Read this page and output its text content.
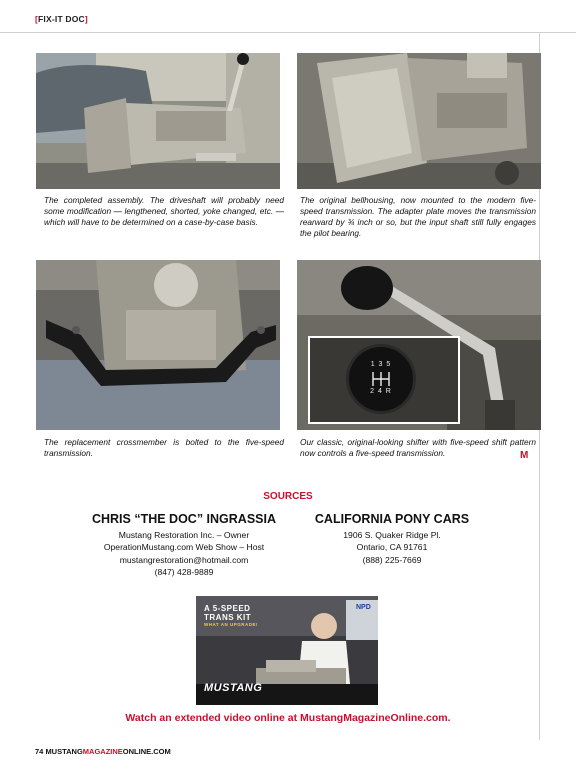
[FIX-IT DOC]
The completed assembly. The driveshaft will probably need some modification — lengthened, shorted, yoke changed, etc. — which will have to be determined on a case-by-case basis.
The original bellhousing, now mounted to the modern five-speed transmission. The adapter plate moves the transmission rearward by ¾ inch or so, but the input shaft still fully engages the pilot bearing.
1 3 5
2 4 R
The replacement crossmember is bolted to the five-speed transmission.
Our classic, original-looking shifter with five-speed shift pattern now controls a five-speed transmission.	M
SOURCES
CHRIS “THE DOC” INGRASSIA
Mustang Restoration Inc. – Owner
OperationMustang.com Web Show – Host
mustangrestoration@hotmail.com
(847) 428-9889
CALIFORNIA PONY CARS
1906 S. Quaker Ridge Pl.
Ontario, CA 91761
(888) 225-7669
A 5-SPEED
TRANS KIT
WHAT AN UPGRADE!
NPD
MUSTANG
Watch an extended video online at MustangMagazineOnline.com.
74 MUSTANGMAGAZINEONLINE.COM
